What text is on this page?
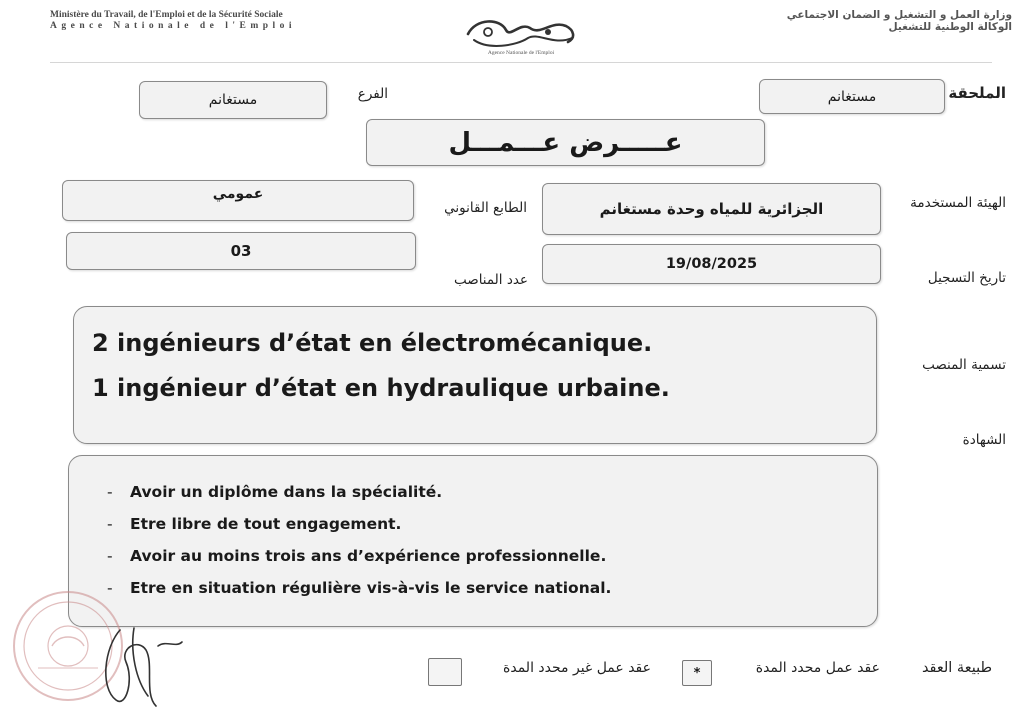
Ministère du Travail, de l'Emploi et de la Sécurité Sociale
Agence Nationale de l'Emploi
Agence Nationale de l'Emploi
وزارة العمل و التشغيل و الضمان الاجتماعي
الوكالة الوطنية للتشغيل
الملحقة
مستغانم
الفرع
مستغانم
عـــــرض عـــمـــل
الهيئة المستخدمة
الجزائرية للمياه وحدة مستغانم
الطابع القانوني
عمومي
03
عدد المناصب
19/08/2025
تاريخ التسجيل
تسمية المنصب
2 ingénieurs d’état en électromécanique.
1 ingénieur d’état en hydraulique urbaine.
الشهادة
- Avoir un diplôme dans la spécialité.
- Etre libre de tout engagement.
- Avoir au moins trois ans d’expérience professionnelle.
- Etre en situation régulière vis-à-vis le service national.
طبيعة العقد
عقد عمل محدد المدة
*
عقد عمل غير محدد المدة
